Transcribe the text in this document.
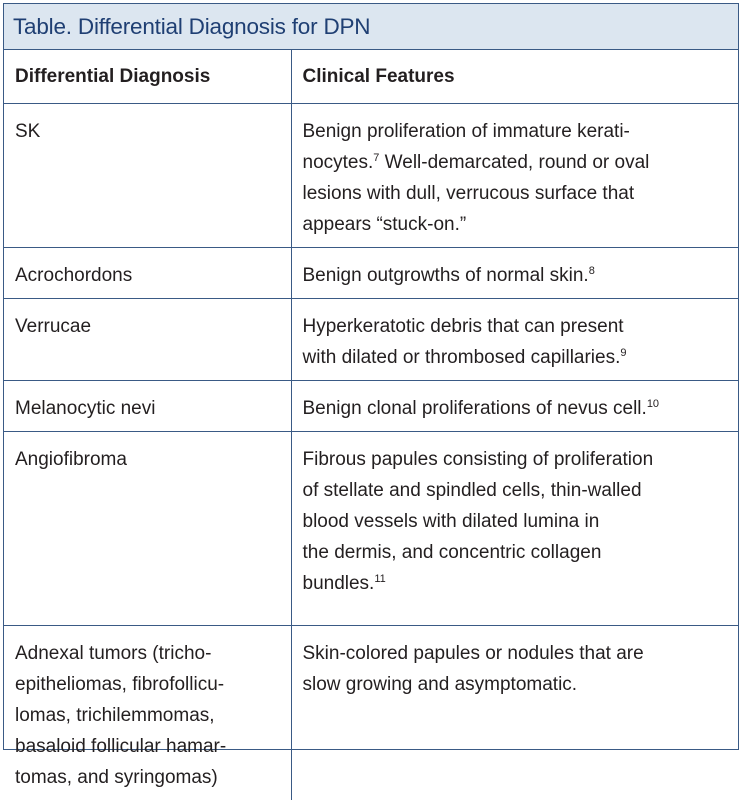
Table. Differential Diagnosis for DPN
Differential Diagnosis	Clinical Features
SK	Benign proliferation of immature kerati-
nocytes.$^7$ Well-demarcated, round or oval
lesions with dull, verrucous surface that
appears “stuck-on.”
Acrochordons	Benign outgrowths of normal skin.$^8$
Verrucae	Hyperkeratotic debris that can present
with dilated or thrombosed capillaries.$^9$
Melanocytic nevi	Benign clonal proliferations of nevus cell.$^{10}$
Angiofibroma	Fibrous papules consisting of proliferation
of stellate and spindled cells, thin-walled
blood vessels with dilated lumina in
the dermis, and concentric collagen
bundles.$^{11}$
Adnexal tumors (tricho-
epitheliomas, fibrofollicu-
lomas, trichilemmomas,
basaloid follicular hamar-
tomas, and syringomas)	Skin-colored papules or nodules that are
slow growing and asymptomatic.
